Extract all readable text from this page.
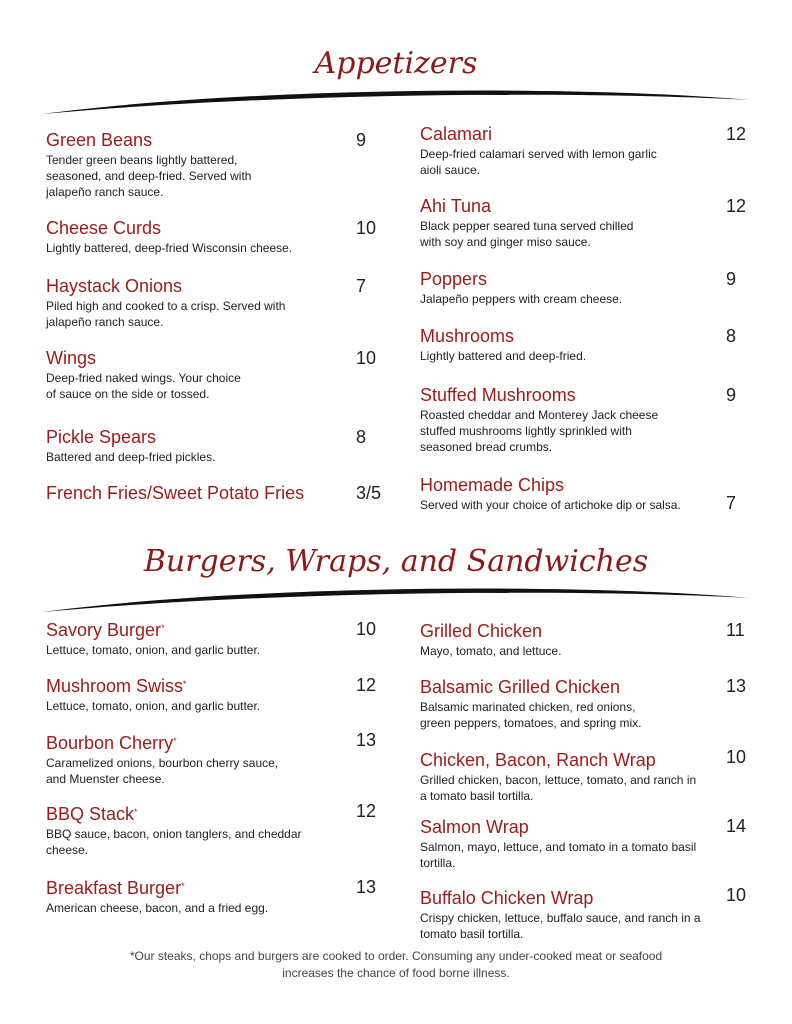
Appetizers
Green Beans
Tender green beans lightly battered,
seasoned, and deep-fried. Served with
jalapeño ranch sauce.
9
Cheese Curds
Lightly battered, deep-fried Wisconsin cheese.
10
Haystack Onions
Piled high and cooked to a crisp. Served with
jalapeño ranch sauce.
7
Wings
Deep-fried naked wings. Your choice
of sauce on the side or tossed.
10
Pickle Spears
Battered and deep-fried pickles.
8
French Fries/Sweet Potato Fries	3/5
Calamari
Deep-fried calamari served with lemon garlic
aioli sauce.
12
Ahi Tuna
Black pepper seared tuna served chilled
with soy and ginger miso sauce.
12
Poppers
Jalapeño peppers with cream cheese.
9
Mushrooms
Lightly battered and deep-fried.
8
Stuffed Mushrooms
Roasted cheddar and Monterey Jack cheese
stuffed mushrooms lightly sprinkled with
seasoned bread crumbs.
9
Homemade Chips
Served with your choice of artichoke dip or salsa.	7
Burgers, Wraps, and Sandwiches
Savory Burger*
Lettuce, tomato, onion, and garlic butter.
10
Mushroom Swiss*
Lettuce, tomato, onion, and garlic butter.
12
Bourbon Cherry*
Caramelized onions, bourbon cherry sauce,
and Muenster cheese.
13
BBQ Stack*
BBQ sauce, bacon, onion tanglers, and cheddar
cheese.
12
Breakfast Burger*
American cheese, bacon, and a fried egg.
13
Grilled Chicken
Mayo, tomato, and lettuce.
11
Balsamic Grilled Chicken
Balsamic marinated chicken, red onions,
green peppers, tomatoes, and spring mix.
13
Chicken, Bacon, Ranch Wrap
Grilled chicken, bacon, lettuce, tomato, and ranch in
a tomato basil tortilla.
10
Salmon Wrap
Salmon, mayo, lettuce, and tomato in a tomato basil
tortilla.
14
Buffalo Chicken Wrap
Crispy chicken, lettuce, buffalo sauce, and ranch in a
tomato basil tortilla.
10
*Our steaks, chops and burgers are cooked to order. Consuming any under-cooked meat or seafood
increases the chance of food borne illness.
